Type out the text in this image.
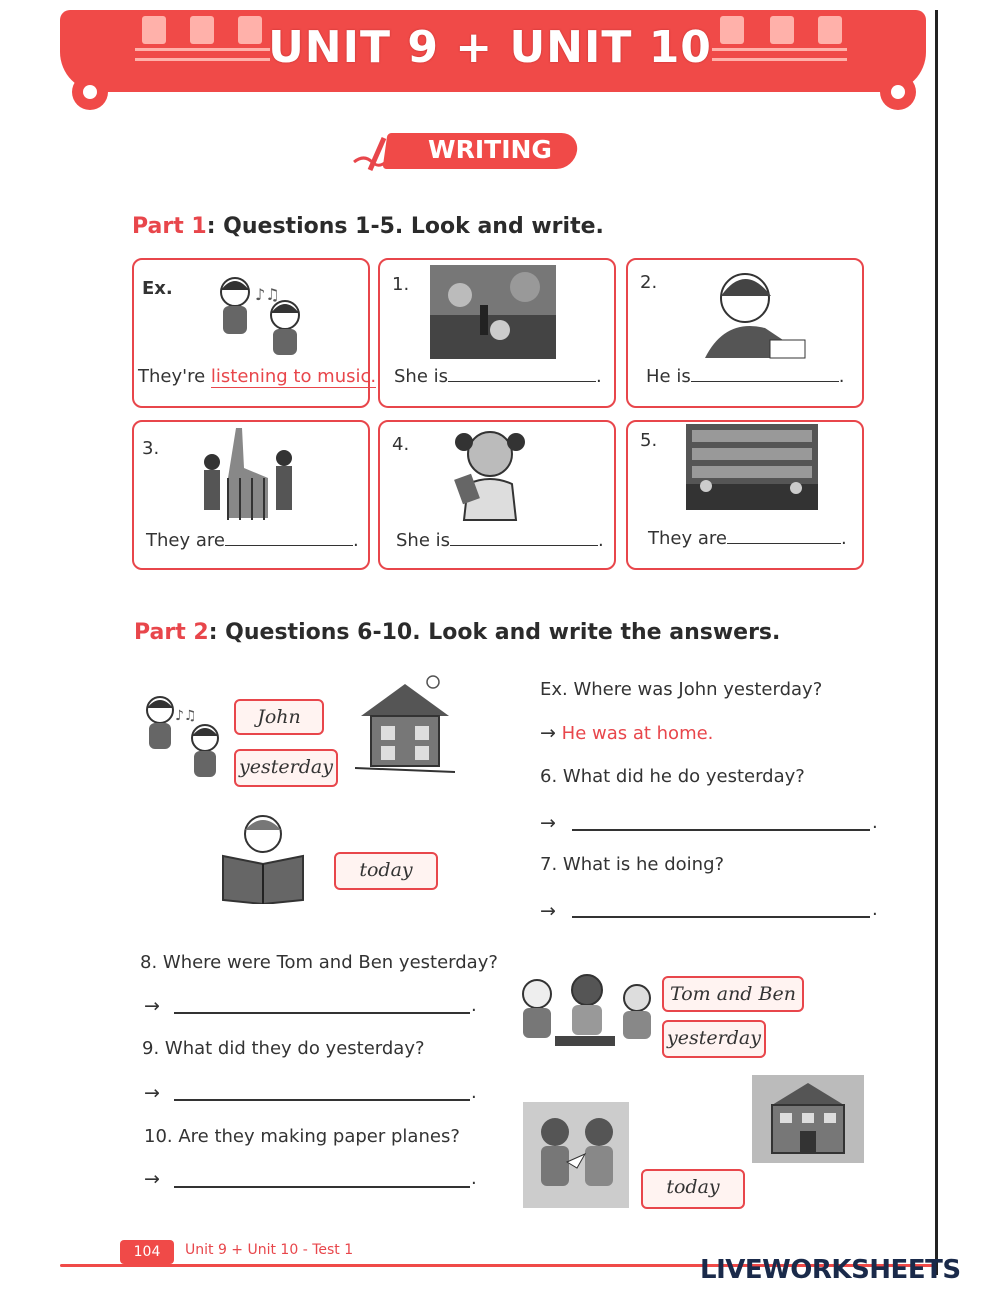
UNIT 9 + UNIT 10
WRITING
Part 1: Questions 1-5. Look and write.
Ex.	♪♫
They're listening to music.
1.
She is	.
2.
He is	.
3.
They are	.
4.
She is	.
5.
They are	.
Part 2: Questions 6-10. Look and write the answers.
♪♫	John
yesterday
today
Ex. Where was John yesterday?
→ He was at home.
6. What did he do yesterday?
→	.
7. What is he doing?
→	.
8. Where were Tom and Ben yesterday?
→	.
9. What did they do yesterday?
→	.
10. Are they making paper planes?
→	.
Tom and Ben
yesterday
today
104	Unit 9 + Unit 10 - Test 1
LIVEWORKSHEETS
